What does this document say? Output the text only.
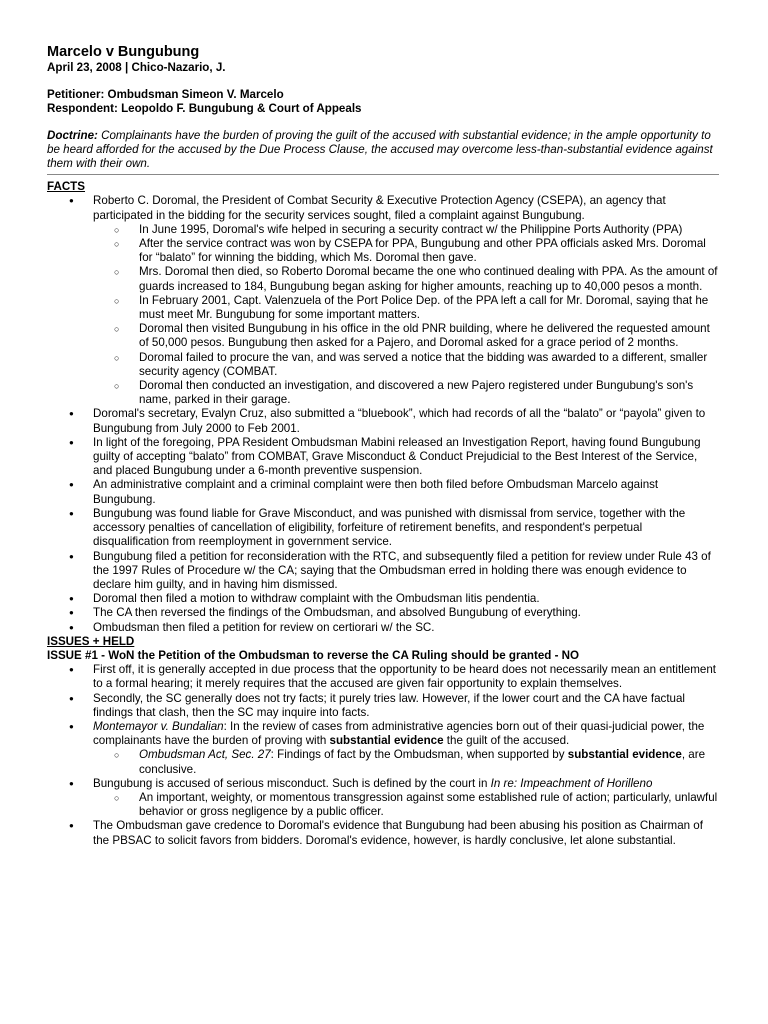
Marcelo v Bungubung

April 23, 2008 | Chico-Nazario, J.

Petitioner: Ombudsman Simeon V. Marcelo

Respondent: Leopoldo F. Bungubung & Court of Appeals

Doctrine: Complainants have the burden of proving the guilt of the accused with substantial evidence; in the ample opportunity to be heard afforded for the accused by the Due Process Clause, the accused may overcome less-than-substantial evidence against them with their own.

FACTS

● Roberto C. Doromal, the President of Combat Security & Executive Protection Agency (CSEPA), an agency that participated in the bidding for the security services sought, filed a complaint against Bungubung.
○ In June 1995, Doromal's wife helped in securing a security contract w/ the Philippine Ports Authority (PPA)
○ After the service contract was won by CSEPA for PPA, Bungubung and other PPA officials asked Mrs. Doromal for “balato” for winning the bidding, which Ms. Doromal then gave.
○ Mrs. Doromal then died, so Roberto Doromal became the one who continued dealing with PPA. As the amount of guards increased to 184, Bungubung began asking for higher amounts, reaching up to 40,000 pesos a month.
○ In February 2001, Capt. Valenzuela of the Port Police Dep. of the PPA left a call for Mr. Doromal, saying that he must meet Mr. Bungubung for some important matters.
○ Doromal then visited Bungubung in his office in the old PNR building, where he delivered the requested amount of 50,000 pesos. Bungubung then asked for a Pajero, and Doromal asked for a grace period of 2 months.
○ Doromal failed to procure the van, and was served a notice that the bidding was awarded to a different, smaller security agency (COMBAT.
○ Doromal then conducted an investigation, and discovered a new Pajero registered under Bungubung's son's name, parked in their garage.
● Doromal's secretary, Evalyn Cruz, also submitted a “bluebook”, which had records of all the “balato” or “payola” given to Bungubung from July 2000 to Feb 2001.
● In light of the foregoing, PPA Resident Ombudsman Mabini released an Investigation Report, having found Bungubung guilty of accepting “balato” from COMBAT, Grave Misconduct & Conduct Prejudicial to the Best Interest of the Service, and placed Bungubung under a 6-month preventive suspension.
● An administrative complaint and a criminal complaint were then both filed before Ombudsman Marcelo against Bungubung.
● Bungubung was found liable for Grave Misconduct, and was punished with dismissal from service, together with the accessory penalties of cancellation of eligibility, forfeiture of retirement benefits, and respondent's perpetual disqualification from reemployment in government service.
● Bungubung filed a petition for reconsideration with the RTC, and subsequently filed a petition for review under Rule 43 of the 1997 Rules of Procedure w/ the CA; saying that the Ombudsman erred in holding there was enough evidence to declare him guilty, and in having him dismissed.
● Doromal then filed a motion to withdraw complaint with the Ombudsman litis pendentia.
● The CA then reversed the findings of the Ombudsman, and absolved Bungubung of everything.
● Ombudsman then filed a petition for review on certiorari w/ the SC.

ISSUES + HELD

ISSUE #1 - WoN the Petition of the Ombudsman to reverse the CA Ruling should be granted - NO

● First off, it is generally accepted in due process that the opportunity to be heard does not necessarily mean an entitlement to a formal hearing; it merely requires that the accused are given fair opportunity to explain themselves.
● Secondly, the SC generally does not try facts; it purely tries law. However, if the lower court and the CA have factual findings that clash, then the SC may inquire into facts.
● Montemayor v. Bundalian: In the review of cases from administrative agencies born out of their quasi-judicial power, the complainants have the burden of proving with substantial evidence the guilt of the accused.
○ Ombudsman Act, Sec. 27: Findings of fact by the Ombudsman, when supported by substantial evidence, are conclusive.
● Bungubung is accused of serious misconduct. Such is defined by the court in In re: Impeachment of Horilleno
○ An important, weighty, or momentous transgression against some established rule of action; particularly, unlawful behavior or gross negligence by a public officer.
● The Ombudsman gave credence to Doromal's evidence that Bungubung had been abusing his position as Chairman of the PBSAC to solicit favors from bidders. Doromal's evidence, however, is hardly conclusive, let alone substantial.
